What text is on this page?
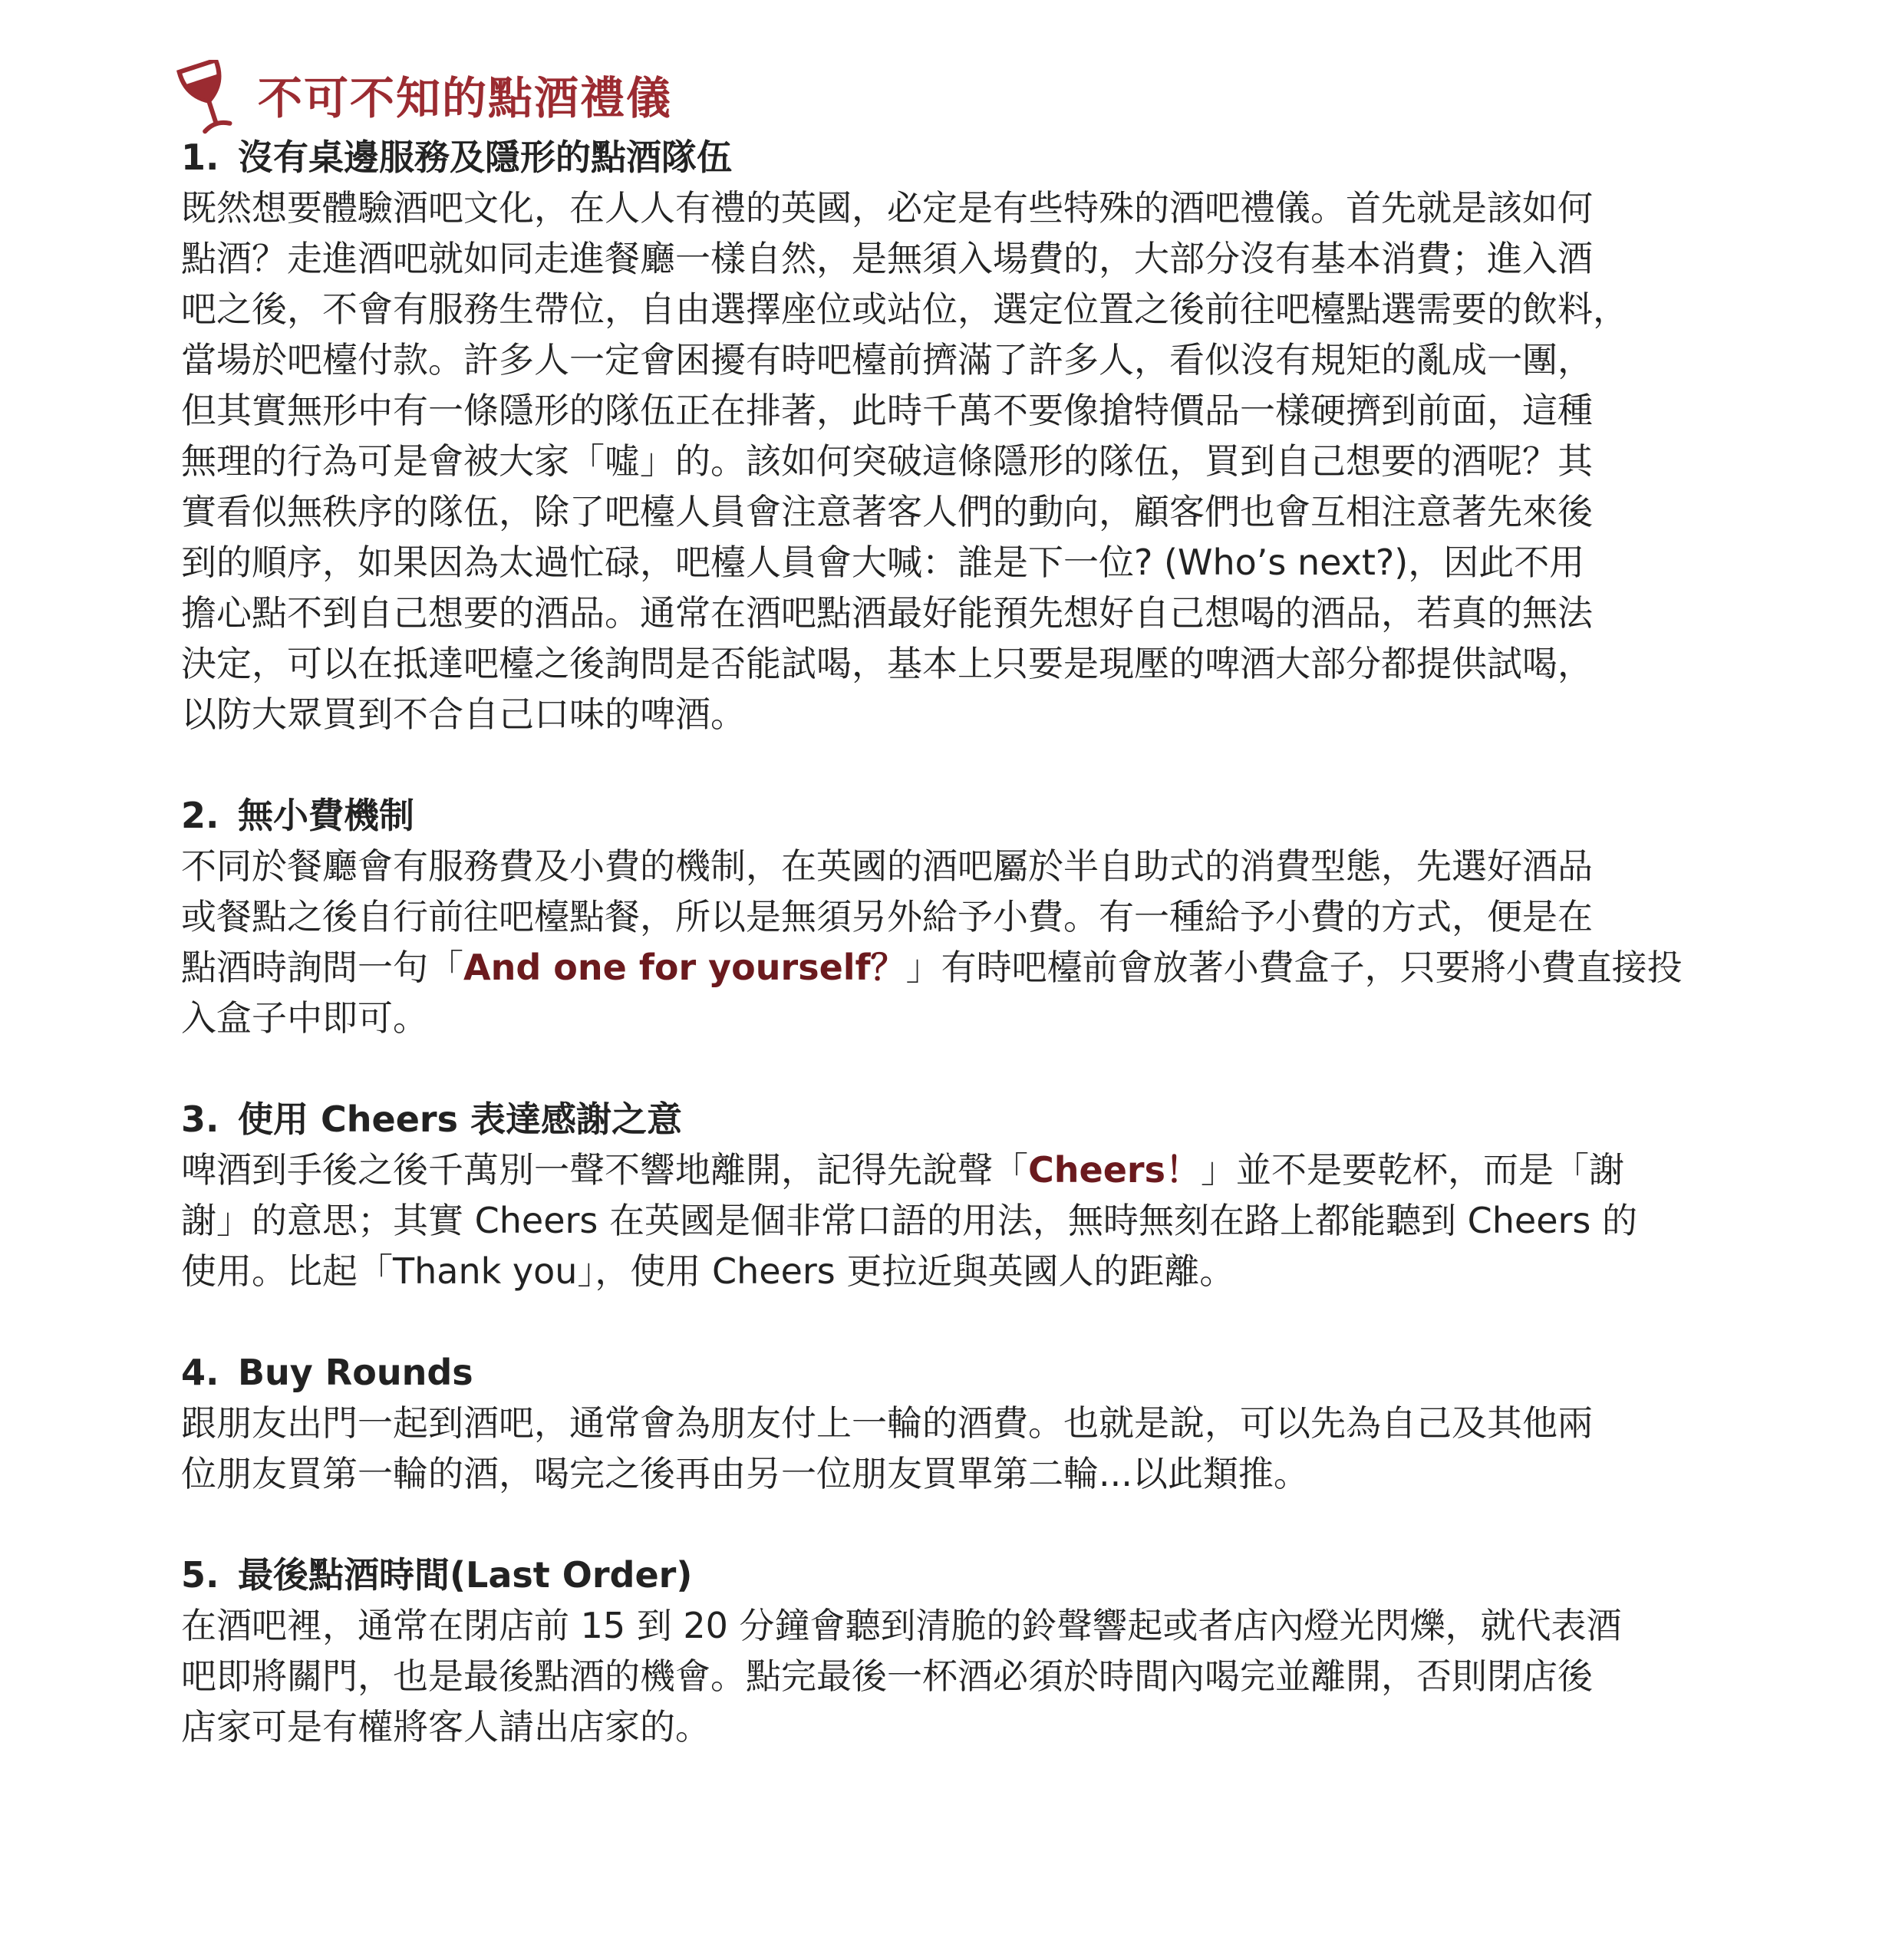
不可不知的點酒禮儀
1. 沒有桌邊服務及隱形的點酒隊伍
既然想要體驗酒吧文化，在人人有禮的英國，必定是有些特殊的酒吧禮儀。首先就是該如何
點酒？走進酒吧就如同走進餐廳一樣自然，是無須入場費的，大部分沒有基本消費；進入酒
吧之後，不會有服務生帶位，自由選擇座位或站位，選定位置之後前往吧檯點選需要的飲料，
當場於吧檯付款。許多人一定會困擾有時吧檯前擠滿了許多人，看似沒有規矩的亂成一團，
但其實無形中有一條隱形的隊伍正在排著，此時千萬不要像搶特價品一樣硬擠到前面，這種
無理的行為可是會被大家「噓」的。該如何突破這條隱形的隊伍，買到自己想要的酒呢？其
實看似無秩序的隊伍，除了吧檯人員會注意著客人們的動向，顧客們也會互相注意著先來後
到的順序，如果因為太過忙碌，吧檯人員會大喊：誰是下一位? (Who’s next?)，因此不用
擔心點不到自己想要的酒品。通常在酒吧點酒最好能預先想好自己想喝的酒品，若真的無法
決定，可以在抵達吧檯之後詢問是否能試喝，基本上只要是現壓的啤酒大部分都提供試喝，
以防大眾買到不合自己口味的啤酒。
2. 無小費機制
不同於餐廳會有服務費及小費的機制，在英國的酒吧屬於半自助式的消費型態，先選好酒品
或餐點之後自行前往吧檯點餐，所以是無須另外給予小費。有一種給予小費的方式，便是在
點酒時詢問一句「And one for yourself？」有時吧檯前會放著小費盒子，只要將小費直接投
入盒子中即可。
3. 使用 Cheers 表達感謝之意
啤酒到手後之後千萬別一聲不響地離開，記得先說聲「Cheers！」並不是要乾杯，而是「謝
謝」的意思；其實 Cheers 在英國是個非常口語的用法，無時無刻在路上都能聽到 Cheers 的
使用。比起「Thank you」，使用 Cheers 更拉近與英國人的距離。
4. Buy Rounds
跟朋友出門一起到酒吧，通常會為朋友付上一輪的酒費。也就是說，可以先為自己及其他兩
位朋友買第一輪的酒，喝完之後再由另一位朋友買單第二輪...以此類推。
5. 最後點酒時間(Last Order)
在酒吧裡，通常在閉店前 15 到 20 分鐘會聽到清脆的鈴聲響起或者店內燈光閃爍，就代表酒
吧即將關門，也是最後點酒的機會。點完最後一杯酒必須於時間內喝完並離開，否則閉店後
店家可是有權將客人請出店家的。
